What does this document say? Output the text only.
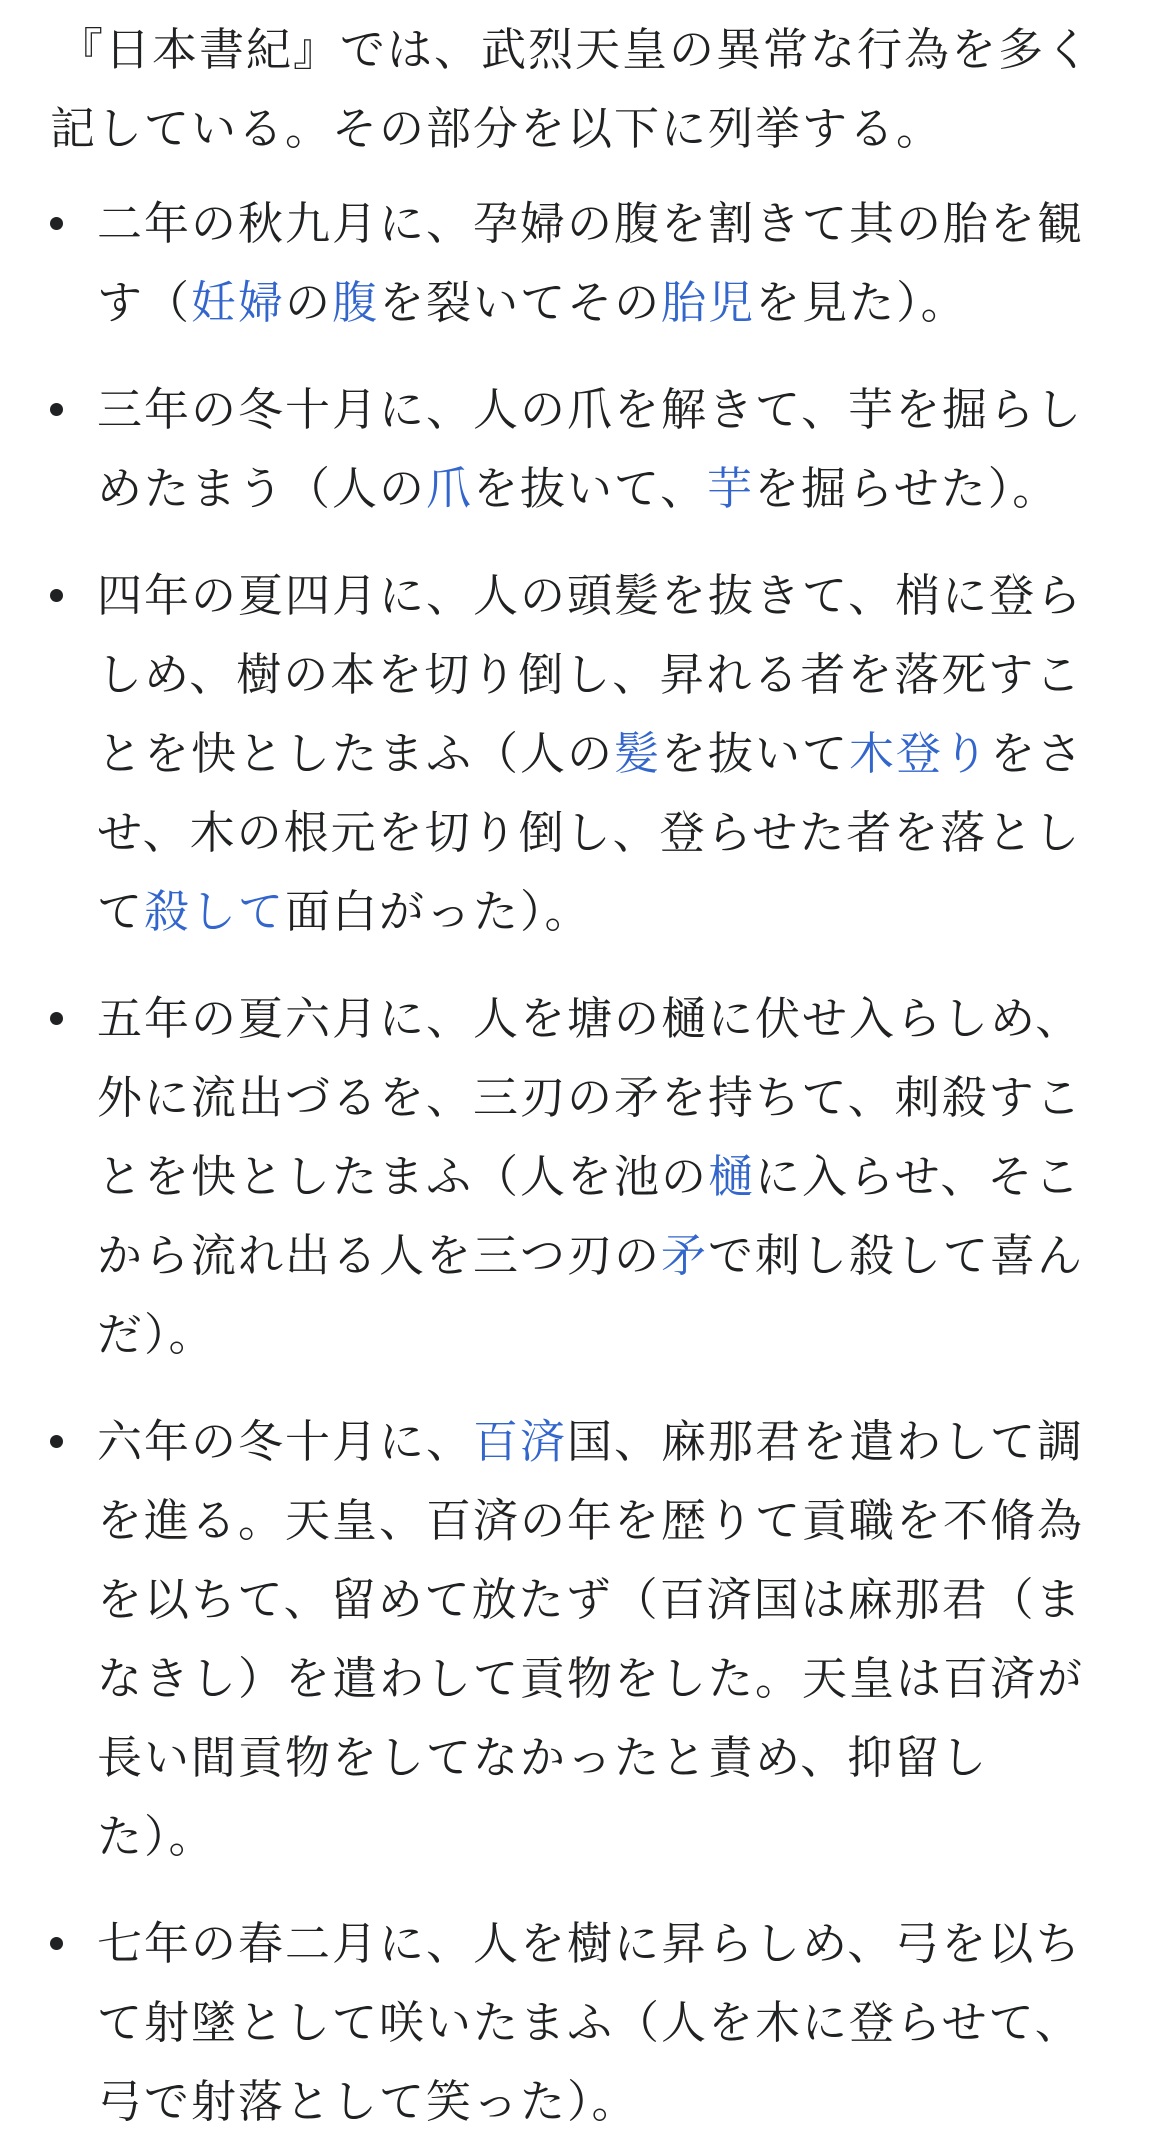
『日本書紀』では、武烈天皇の異常な行為を多く記している。その部分を以下に列挙する。

二年の秋九月に、孕婦の腹を割きて其の胎を観す（妊婦の腹を裂いてその胎児を見た）。
三年の冬十月に、人の爪を解きて、芋を掘らしめたまう（人の爪を抜いて、芋を掘らせた）。
四年の夏四月に、人の頭髪を抜きて、梢に登らしめ、樹の本を切り倒し、昇れる者を落死すことを快としたまふ（人の髪を抜いて木登りをさせ、木の根元を切り倒し、登らせた者を落として殺して面白がった）。
五年の夏六月に、人を塘の樋に伏せ入らしめ、外に流出づるを、三刃の矛を持ちて、刺殺すことを快としたまふ（人を池の樋に入らせ、そこから流れ出る人を三つ刃の矛で刺し殺して喜んだ）。
六年の冬十月に、百済国、麻那君を遣わして調を進る。天皇、百済の年を歴りて貢職を不脩為を以ちて、留めて放たず（百済国は麻那君（まなきし）を遣わして貢物をした。天皇は百済が長い間貢物をしてなかったと責め、抑留した）。
七年の春二月に、人を樹に昇らしめ、弓を以ちて射墜として咲いたまふ（人を木に登らせて、弓で射落として笑った）。
